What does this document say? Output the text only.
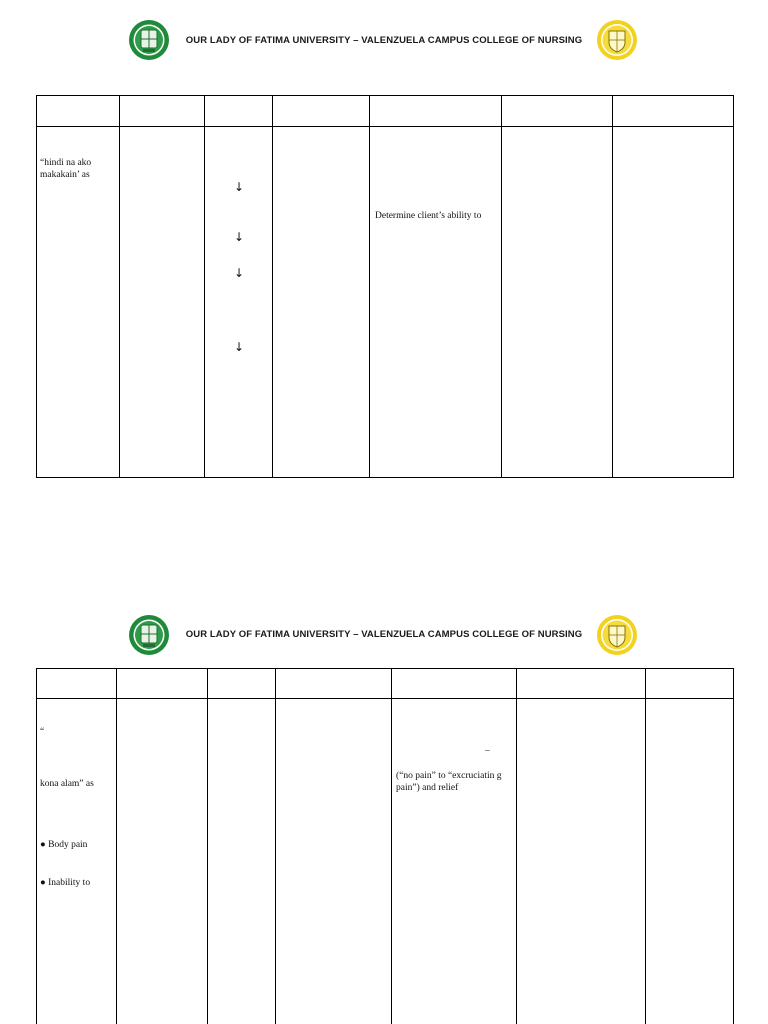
OUR LADY OF FATIMA UNIVERSITY – VALENZUELA CAMPUS COLLEGE OF NURSING
“hindi na ako makakain’ as
↓
↓
↓
↓
Determine client’s ability to
OUR LADY OF FATIMA UNIVERSITY – VALENZUELA CAMPUS COLLEGE OF NURSING
“
kona alam” as
● Body pain
● Inability to
–
(“no pain” to “excruciatin g pain”) and relief
